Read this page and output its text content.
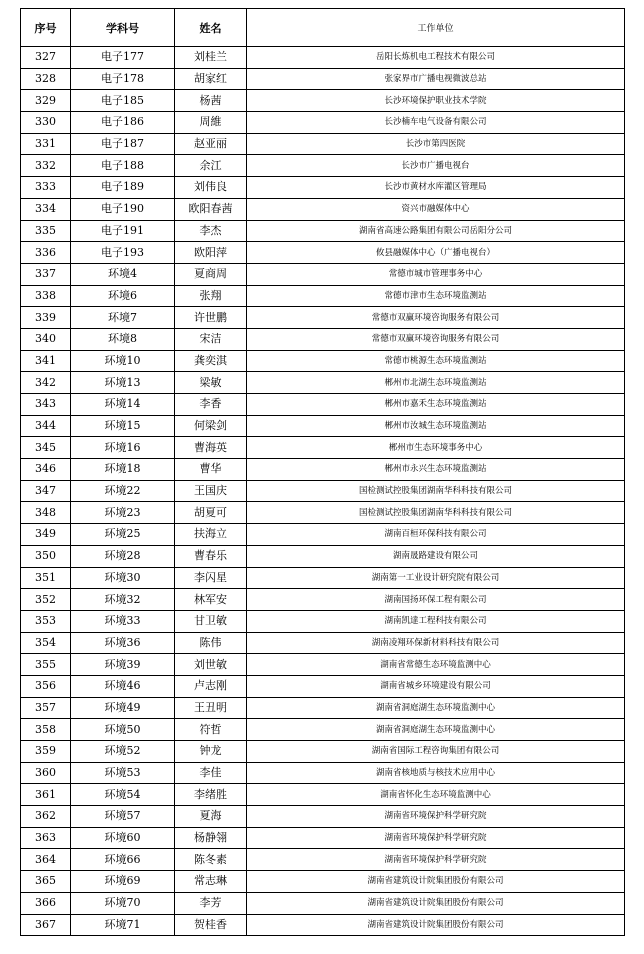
序号	学科号	姓名	工作单位
327	电子177	刘桂兰	岳阳长炼机电工程技术有限公司
328	电子178	胡家红	张家界市广播电视微波总站
329	电子185	杨茜	长沙环境保护职业技术学院
330	电子186	周維	长沙楠车电气设备有限公司
331	电子187	赵亚丽	长沙市第四医院
332	电子188	余江	长沙市广播电视台
333	电子189	刘伟良	长沙市黄材水库灌区管理局
334	电子190	欧阳春茜	资兴市融媒体中心
335	电子191	李杰	湖南省高速公路集团有限公司岳阳分公司
336	电子193	欧阳萍	攸县融媒体中心（广播电视台）
337	环境4	夏商周	常德市城市管理事务中心
338	环境6	张翔	常德市津市生态环境监测站
339	环境7	许世鹏	常德市双赢环境咨询服务有限公司
340	环境8	宋洁	常德市双赢环境咨询服务有限公司
341	环境10	龚奕淇	常德市桃源生态环境监测站
342	环境13	梁敏	郴州市北湖生态环境监测站
343	环境14	李香	郴州市嘉禾生态环境监测站
344	环境15	何梁剑	郴州市汝城生态环境监测站
345	环境16	曹海英	郴州市生态环境事务中心
346	环境18	曹华	郴州市永兴生态环境监测站
347	环境22	王国庆	国检测试控股集团湖南华科科技有限公司
348	环境23	胡夏可	国检测试控股集团湖南华科科技有限公司
349	环境25	扶海立	湖南百桓环保科技有限公司
350	环境28	曹春乐	湖南晟路建设有限公司
351	环境30	李闪星	湖南第一工业设计研究院有限公司
352	环境32	林军安	湖南国扬环保工程有限公司
353	环境33	甘卫敏	湖南凯達工程科技有限公司
354	环境36	陈伟	湖南凌翔环保新材料科技有限公司
355	环境39	刘世敏	湖南省常德生态环境监测中心
356	环境46	卢志刚	湖南省城乡环境建设有限公司
357	环境49	王丑明	湖南省洞庭湖生态环境监测中心
358	环境50	符哲	湖南省洞庭湖生态环境监测中心
359	环境52	钟龙	湖南省国际工程咨询集团有限公司
360	环境53	李佳	湖南省核地质与核技术应用中心
361	环境54	李绪胜	湖南省怀化生态环境监测中心
362	环境57	夏海	湖南省环境保护科学研究院
363	环境60	杨静翎	湖南省环境保护科学研究院
364	环境66	陈冬素	湖南省环境保护科学研究院
365	环境69	常志琳	湖南省建筑设计院集团股份有限公司
366	环境70	李芳	湖南省建筑设计院集团股份有限公司
367	环境71	贺桂香	湖南省建筑设计院集团股份有限公司
